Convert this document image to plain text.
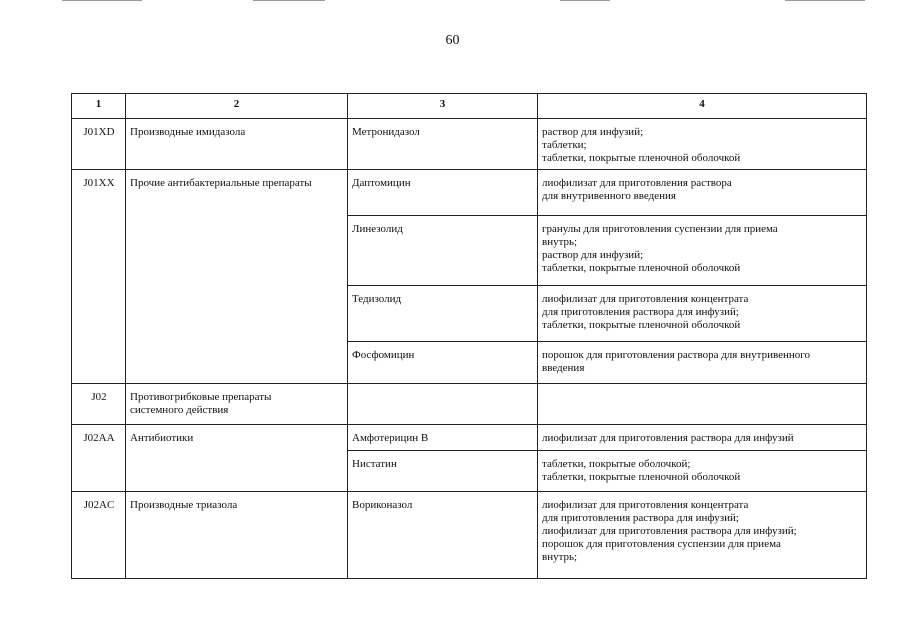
60
1	2	3	4
J01XD	Производные имидазола	Метронидазол	раствор для инфузий;
таблетки;
таблетки, покрытые пленочной оболочкой

J01XX	Прочие антибактериальные препараты	Даптомицин	лиофилизат для приготовления раствора
для внутривенного введения

		Линезолид	гранулы для приготовления суспензии для приема
внутрь;
раствор для инфузий;
таблетки, покрытые пленочной оболочкой

		Тедизолид	лиофилизат для приготовления концентрата
для приготовления раствора для инфузий;
таблетки, покрытые пленочной оболочкой

		Фосфомицин	порошок для приготовления раствора для внутривенного
введения

J02	Противогрибковые препараты
системного действия		

J02AA	Антибиотики	Амфотерицин B	лиофилизат для приготовления раствора для инфузий

		Нистатин	таблетки, покрытые оболочкой;
таблетки, покрытые пленочной оболочкой

J02AC	Производные триазола	Вориконазол	лиофилизат для приготовления концентрата
для приготовления раствора для инфузий;
лиофилизат для приготовления раствора для инфузий;
порошок для приготовления суспензии для приема
внутрь;
